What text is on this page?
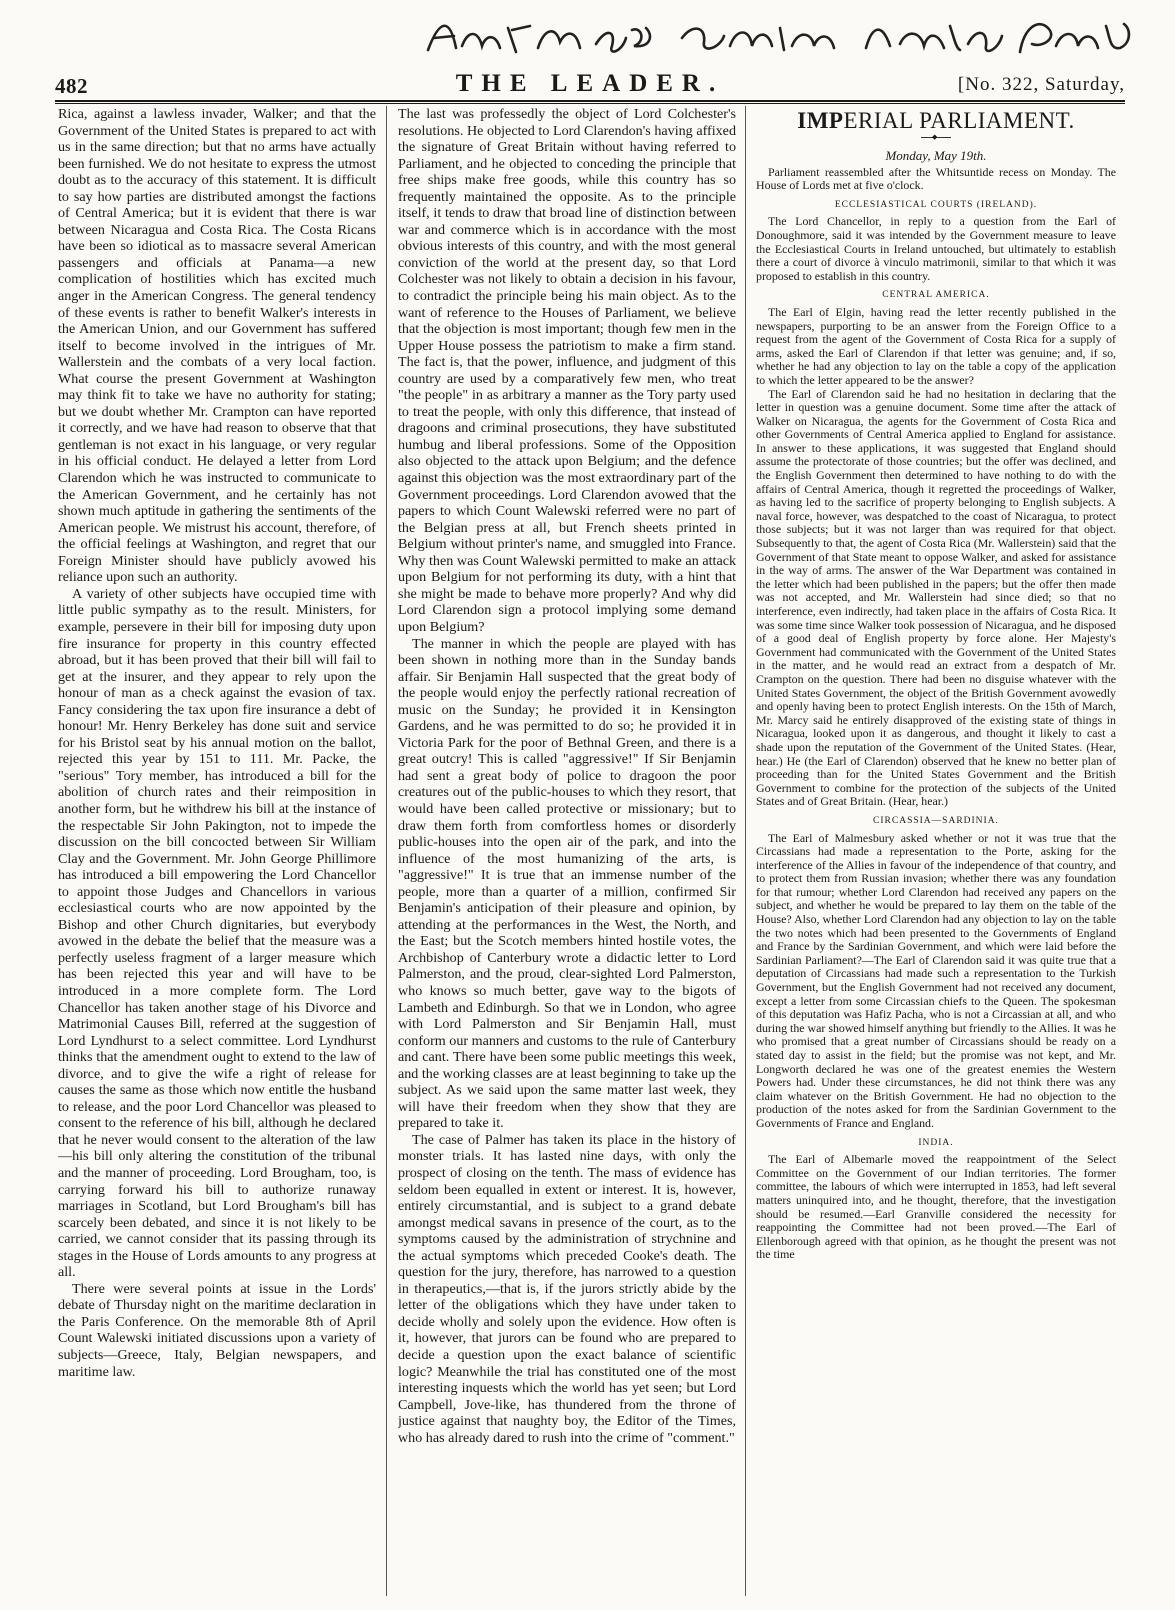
482	THE LEADER.	[No. 322, Saturday,

Rica, against a lawless invader, Walker; and that the Government of the United States is prepared to act with us in the same direction; but that no arms have actually been furnished. We do not hesitate to express the utmost doubt as to the accuracy of this statement. It is difficult to say how parties are distributed amongst the factions of Central America; but it is evident that there is war between Nicaragua and Costa Rica. The Costa Ricans have been so idiotical as to massacre several American passengers and officials at Panama—a new complication of hostilities which has excited much anger in the American Congress. The general tendency of these events is rather to benefit Walker's interests in the American Union, and our Government has suffered itself to become involved in the intrigues of Mr. Wallerstein and the combats of a very local faction. What course the present Government at Washington may think fit to take we have no authority for stating; but we doubt whether Mr. Crampton can have reported it correctly, and we have had reason to observe that that gentleman is not exact in his language, or very regular in his official conduct. He delayed a letter from Lord Clarendon which he was instructed to communicate to the American Government, and he certainly has not shown much aptitude in gathering the sentiments of the American people. We mistrust his account, therefore, of the official feelings at Washington, and regret that our Foreign Minister should have publicly avowed his reliance upon such an authority.

A variety of other subjects have occupied time with little public sympathy as to the result. Ministers, for example, persevere in their bill for imposing duty upon fire insurance for property in this country effected abroad, but it has been proved that their bill will fail to get at the insurer, and they appear to rely upon the honour of man as a check against the evasion of tax. Fancy considering the tax upon fire insurance a debt of honour! Mr. Henry Berkeley has done suit and service for his Bristol seat by his annual motion on the ballot, rejected this year by 151 to 111. Mr. Packe, the "serious" Tory member, has introduced a bill for the abolition of church rates and their reimposition in another form, but he withdrew his bill at the instance of the respectable Sir John Pakington, not to impede the discussion on the bill concocted between Sir William Clay and the Government. Mr. John George Phillimore has introduced a bill empowering the Lord Chancellor to appoint those Judges and Chancellors in various ecclesiastical courts who are now appointed by the Bishop and other Church dignitaries, but everybody avowed in the debate the belief that the measure was a perfectly useless fragment of a larger measure which has been rejected this year and will have to be introduced in a more complete form. The Lord Chancellor has taken another stage of his Divorce and Matrimonial Causes Bill, referred at the suggestion of Lord Lyndhurst to a select committee. Lord Lyndhurst thinks that the amendment ought to extend to the law of divorce, and to give the wife a right of release for causes the same as those which now entitle the husband to release, and the poor Lord Chancellor was pleased to consent to the reference of his bill, although he declared that he never would consent to the alteration of the law—his bill only altering the constitution of the tribunal and the manner of proceeding. Lord Brougham, too, is carrying forward his bill to authorize runaway marriages in Scotland, but Lord Brougham's bill has scarcely been debated, and since it is not likely to be carried, we cannot consider that its passing through its stages in the House of Lords amounts to any progress at all.

There were several points at issue in the Lords' debate of Thursday night on the maritime declaration in the Paris Conference. On the memorable 8th of April Count Walewski initiated discussions upon a variety of subjects—Greece, Italy, Belgian newspapers, and maritime law.

The last was professedly the object of Lord Colchester's resolutions. He objected to Lord Clarendon's having affixed the signature of Great Britain without having referred to Parliament, and he objected to conceding the principle that free ships make free goods, while this country has so frequently maintained the opposite. As to the principle itself, it tends to draw that broad line of distinction between war and commerce which is in accordance with the most obvious interests of this country, and with the most general conviction of the world at the present day, so that Lord Colchester was not likely to obtain a decision in his favour, to contradict the principle being his main object. As to the want of reference to the Houses of Parliament, we believe that the objection is most important; though few men in the Upper House possess the patriotism to make a firm stand. The fact is, that the power, influence, and judgment of this country are used by a comparatively few men, who treat "the people" in as arbitrary a manner as the Tory party used to treat the people, with only this difference, that instead of dragoons and criminal prosecutions, they have substituted humbug and liberal professions. Some of the Opposition also objected to the attack upon Belgium; and the defence against this objection was the most extraordinary part of the Government proceedings. Lord Clarendon avowed that the papers to which Count Walewski referred were no part of the Belgian press at all, but French sheets printed in Belgium without printer's name, and smuggled into France. Why then was Count Walewski permitted to make an attack upon Belgium for not performing its duty, with a hint that she might be made to behave more properly? And why did Lord Clarendon sign a protocol implying some demand upon Belgium?

The manner in which the people are played with has been shown in nothing more than in the Sunday bands affair. Sir Benjamin Hall suspected that the great body of the people would enjoy the perfectly rational recreation of music on the Sunday; he provided it in Kensington Gardens, and he was permitted to do so; he provided it in Victoria Park for the poor of Bethnal Green, and there is a great outcry! This is called "aggressive!" If Sir Benjamin had sent a great body of police to dragoon the poor creatures out of the public-houses to which they resort, that would have been called protective or missionary; but to draw them forth from comfortless homes or disorderly public-houses into the open air of the park, and into the influence of the most humanizing of the arts, is "aggressive!" It is true that an immense number of the people, more than a quarter of a million, confirmed Sir Benjamin's anticipation of their pleasure and opinion, by attending at the performances in the West, the North, and the East; but the Scotch members hinted hostile votes, the Archbishop of Canterbury wrote a didactic letter to Lord Palmerston, and the proud, clear-sighted Lord Palmerston, who knows so much better, gave way to the bigots of Lambeth and Edinburgh. So that we in London, who agree with Lord Palmerston and Sir Benjamin Hall, must conform our manners and customs to the rule of Canterbury and cant. There have been some public meetings this week, and the working classes are at least beginning to take up the subject. As we said upon the same matter last week, they will have their freedom when they show that they are prepared to take it.

The case of Palmer has taken its place in the history of monster trials. It has lasted nine days, with only the prospect of closing on the tenth. The mass of evidence has seldom been equalled in extent or interest. It is, however, entirely circumstantial, and is subject to a grand debate amongst medical savans in presence of the court, as to the symptoms caused by the administration of strychnine and the actual symptoms which preceded Cooke's death. The question for the jury, therefore, has narrowed to a question in therapeutics,—that is, if the jurors strictly abide by the letter of the obligations which they have under taken to decide wholly and solely upon the evidence. How often is it, however, that jurors can be found who are prepared to decide a question upon the exact balance of scientific logic? Meanwhile the trial has constituted one of the most interesting inquests which the world has yet seen; but Lord Campbell, Jove-like, has thundered from the throne of justice against that naughty boy, the Editor of the Times, who has already dared to rush into the crime of "comment."

IMPERIAL PARLIAMENT.
◆
Monday, May 19th.

Parliament reassembled after the Whitsuntide recess on Monday. The House of Lords met at five o'clock.

ECCLESIASTICAL COURTS (IRELAND).

The Lord Chancellor, in reply to a question from the Earl of Donoughmore, said it was intended by the Government measure to leave the Ecclesiastical Courts in Ireland untouched, but ultimately to establish there a court of divorce à vinculo matrimonii, similar to that which it was proposed to establish in this country.

CENTRAL AMERICA.

The Earl of Elgin, having read the letter recently published in the newspapers, purporting to be an answer from the Foreign Office to a request from the agent of the Government of Costa Rica for a supply of arms, asked the Earl of Clarendon if that letter was genuine; and, if so, whether he had any objection to lay on the table a copy of the application to which the letter appeared to be the answer?

The Earl of Clarendon said he had no hesitation in declaring that the letter in question was a genuine document. Some time after the attack of Walker on Nicaragua, the agents for the Government of Costa Rica and other Governments of Central America applied to England for assistance. In answer to these applications, it was suggested that England should assume the protectorate of those countries; but the offer was declined, and the English Government then determined to have nothing to do with the affairs of Central America, though it regretted the proceedings of Walker, as having led to the sacrifice of property belonging to English subjects. A naval force, however, was despatched to the coast of Nicaragua, to protect those subjects; but it was not larger than was required for that object. Subsequently to that, the agent of Costa Rica (Mr. Wallerstein) said that the Government of that State meant to oppose Walker, and asked for assistance in the way of arms. The answer of the War Department was contained in the letter which had been published in the papers; but the offer then made was not accepted, and Mr. Wallerstein had since died; so that no interference, even indirectly, had taken place in the affairs of Costa Rica. It was some time since Walker took possession of Nicaragua, and he disposed of a good deal of English property by force alone. Her Majesty's Government had communicated with the Government of the United States in the matter, and he would read an extract from a despatch of Mr. Crampton on the question. There had been no disguise whatever with the United States Government, the object of the British Government avowedly and openly having been to protect English interests. On the 15th of March, Mr. Marcy said he entirely disapproved of the existing state of things in Nicaragua, looked upon it as dangerous, and thought it likely to cast a shade upon the reputation of the Government of the United States. (Hear, hear.) He (the Earl of Clarendon) observed that he knew no better plan of proceeding than for the United States Government and the British Government to combine for the protection of the subjects of the United States and of Great Britain. (Hear, hear.)

CIRCASSIA—SARDINIA.

The Earl of Malmesbury asked whether or not it was true that the Circassians had made a representation to the Porte, asking for the interference of the Allies in favour of the independence of that country, and to protect them from Russian invasion; whether there was any foundation for that rumour; whether Lord Clarendon had received any papers on the subject, and whether he would be prepared to lay them on the table of the House? Also, whether Lord Clarendon had any objection to lay on the table the two notes which had been presented to the Governments of England and France by the Sardinian Government, and which were laid before the Sardinian Parliament?—The Earl of Clarendon said it was quite true that a deputation of Circassians had made such a representation to the Turkish Government, but the English Government had not received any document, except a letter from some Circassian chiefs to the Queen. The spokesman of this deputation was Hafiz Pacha, who is not a Circassian at all, and who during the war showed himself anything but friendly to the Allies. It was he who promised that a great number of Circassians should be ready on a stated day to assist in the field; but the promise was not kept, and Mr. Longworth declared he was one of the greatest enemies the Western Powers had. Under these circumstances, he did not think there was any claim whatever on the British Government. He had no objection to the production of the notes asked for from the Sardinian Government to the Governments of France and England.

INDIA.

The Earl of Albemarle moved the reappointment of the Select Committee on the Government of our Indian territories. The former committee, the labours of which were interrupted in 1853, had left several matters uninquired into, and he thought, therefore, that the investigation should be resumed.—Earl Granville considered the necessity for reappointing the Committee had not been proved.—The Earl of Ellenborough agreed with that opinion, as he thought the present was not the time
